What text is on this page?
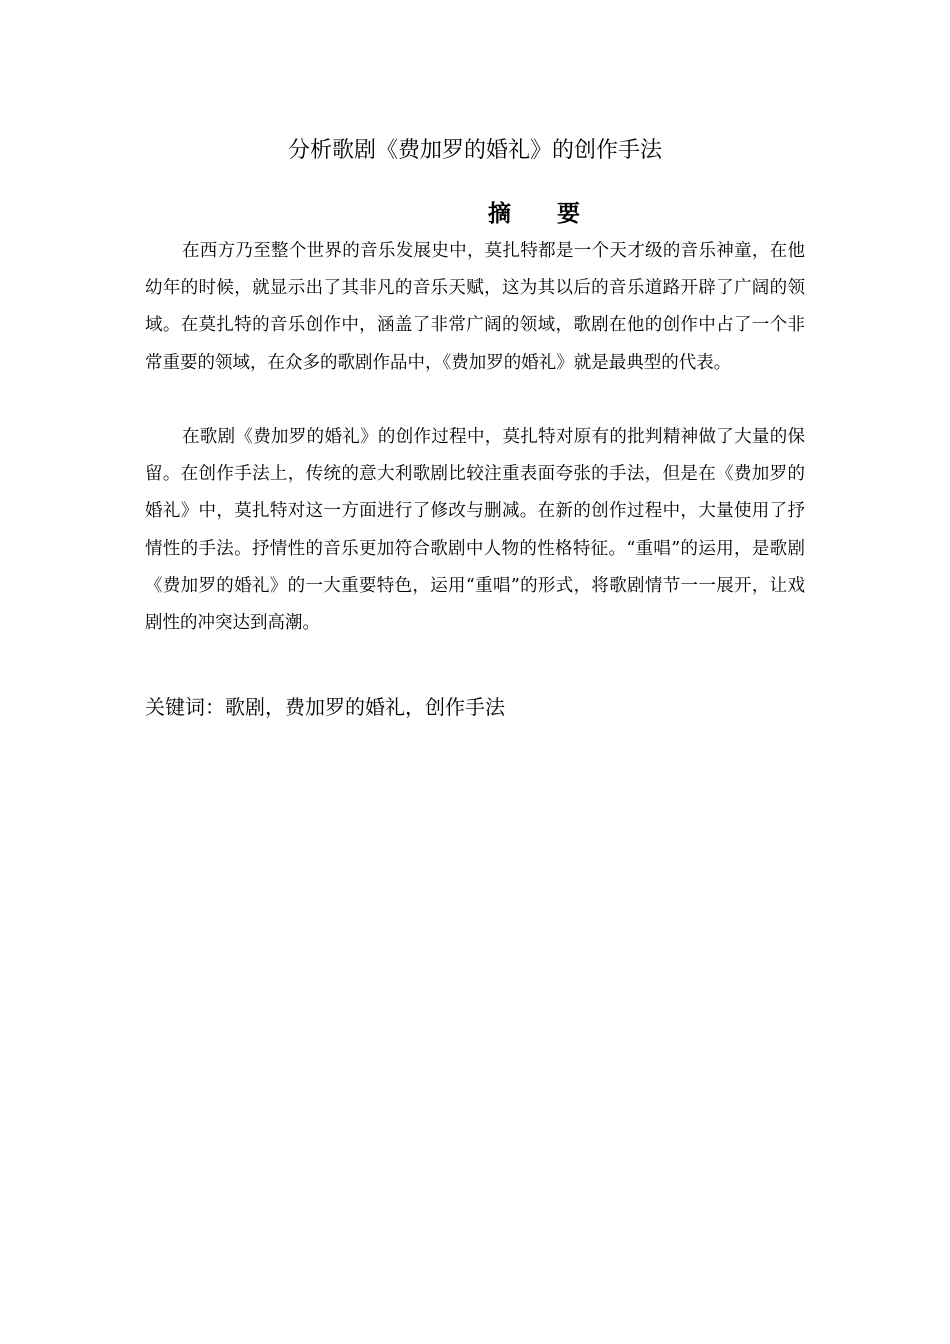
分析歌剧《费加罗的婚礼》的创作手法
摘　　要

在西方乃至整个世界的音乐发展史中，莫扎特都是一个天才级的音乐神童，在他幼年的时候，就显示出了其非凡的音乐天赋，这为其以后的音乐道路开辟了广阔的领域。在莫扎特的音乐创作中，涵盖了非常广阔的领域，歌剧在他的创作中占了一个非常重要的领域，在众多的歌剧作品中，《费加罗的婚礼》就是最典型的代表。

在歌剧《费加罗的婚礼》的创作过程中，莫扎特对原有的批判精神做了大量的保留。在创作手法上，传统的意大利歌剧比较注重表面夸张的手法，但是在《费加罗的婚礼》中，莫扎特对这一方面进行了修改与删减。在新的创作过程中，大量使用了抒情性的手法。抒情性的音乐更加符合歌剧中人物的性格特征。“重唱”的运用，是歌剧《费加罗的婚礼》的一大重要特色，运用“重唱”的形式，将歌剧情节一一展开，让戏剧性的冲突达到高潮。

关键词：歌剧，费加罗的婚礼，创作手法
